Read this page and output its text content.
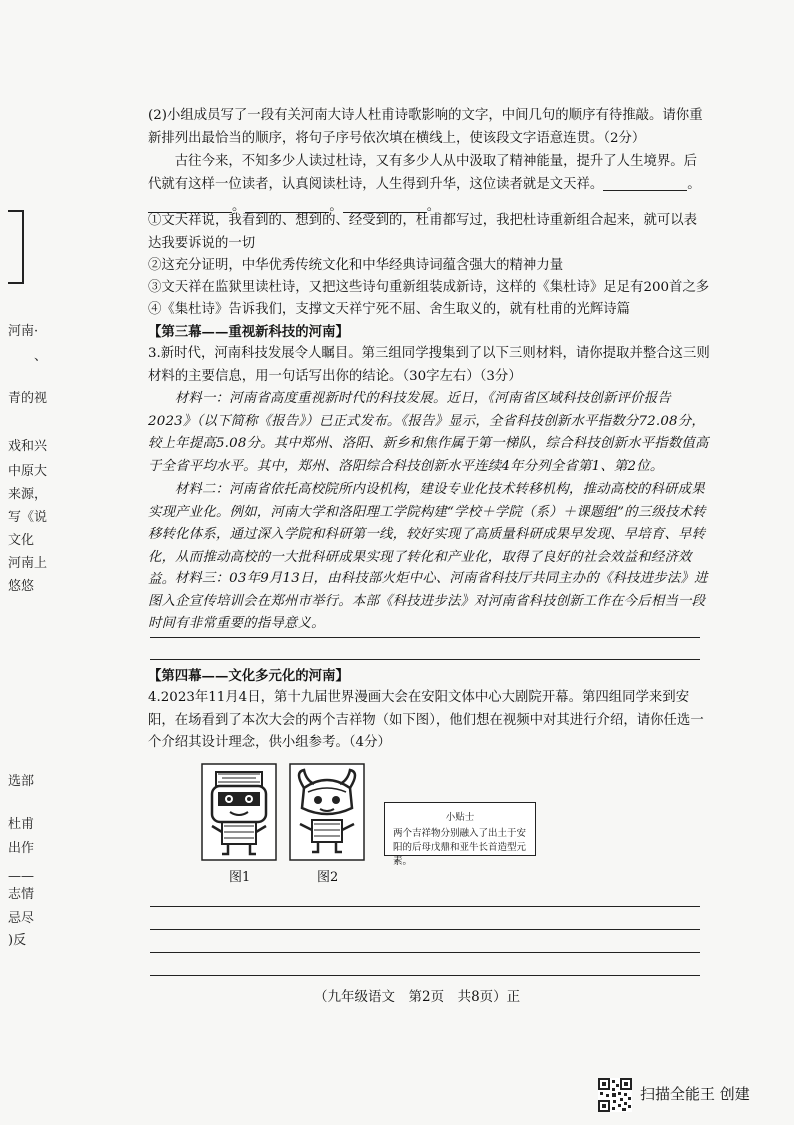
河南·
、
青的视
戏和兴
中原大
来源，
写《说
文化
河南上
悠悠
选部
杜甫
出作
——
志情
忌尽
)反

(2)小组成员写了一段有关河南大诗人杜甫诗歌影响的文字，中间几句的顺序有待推敲。请你重新排列出最恰当的顺序，将句子序号依次填在横线上，使该段文字语意连贯。（2分）

古往今来，不知多少人读过杜诗，又有多少人从中汲取了精神能量，提升了人生境界。后代就有这样一位读者，认真阅读杜诗，人生得到升华，这位读者就是文天祥。	。。	。	。

①文天祥说，我看到的、想到的、经受到的，杜甫都写过，我把杜诗重新组合起来，就可以表达我要诉说的一切

②这充分证明，中华优秀传统文化和中华经典诗词蕴含强大的精神力量
③文天祥在监狱里读杜诗，又把这些诗句重新组装成新诗，这样的《集杜诗》足足有200首之多
④《集杜诗》告诉我们，支撑文天祥宁死不屈、舍生取义的，就有杜甫的光辉诗篇
【第三幕——重视新科技的河南】

3.新时代，河南科技发展令人瞩目。第三组同学搜集到了以下三则材料，请你提取并整合这三则材料的主要信息，用一句话写出你的结论。（30字左右）（3分）

材料一：河南省高度重视新时代的科技发展。近日，《河南省区域科技创新评价报告2023》（以下简称《报告》）已正式发布。《报告》显示，全省科技创新水平指数分72.08分，较上年提高5.08分。其中郑州、洛阳、新乡和焦作属于第一梯队，综合科技创新水平指数值高于全省平均水平。其中，郑州、洛阳综合科技创新水平连续4年分列全省第1、第2位。

材料二：河南省依托高校院所内设机构，建设专业化技术转移机构，推动高校的科研成果实现产业化。例如，河南大学和洛阳理工学院构建“学校＋学院（系）＋课题组”的三级技术转移转化体系，通过深入学院和科研第一线，较好实现了高质量科研成果早发现、早培育、早转化，从而推动高校的一大批科研成果实现了转化和产业化，取得了良好的社会效益和经济效益。 材料三：03年9月13日，由科技部火炬中心、河南省科技厅共同主办的《科技进步法》进图入企宣传培训会在郑州市举行。本部《科技进步法》对河南省科技创新工作在今后相当一段时间有非常重要的指导意义。

【第四幕——文化多元化的河南】

4.2023年11月4日，第十九届世界漫画大会在安阳文体中心大剧院开幕。第四组同学来到安阳，在场看到了本次大会的两个吉祥物（如下图），他们想在视频中对其进行介绍，请你任选一个介绍其设计理念，供小组参考。（4分）

图1	图2
小贴士
两个吉祥物分别融入了出土于安阳的后母戊鼎和亚牛长首造型元素。
（九年级语文　第2页　共8页）正
扫描全能王 创建
